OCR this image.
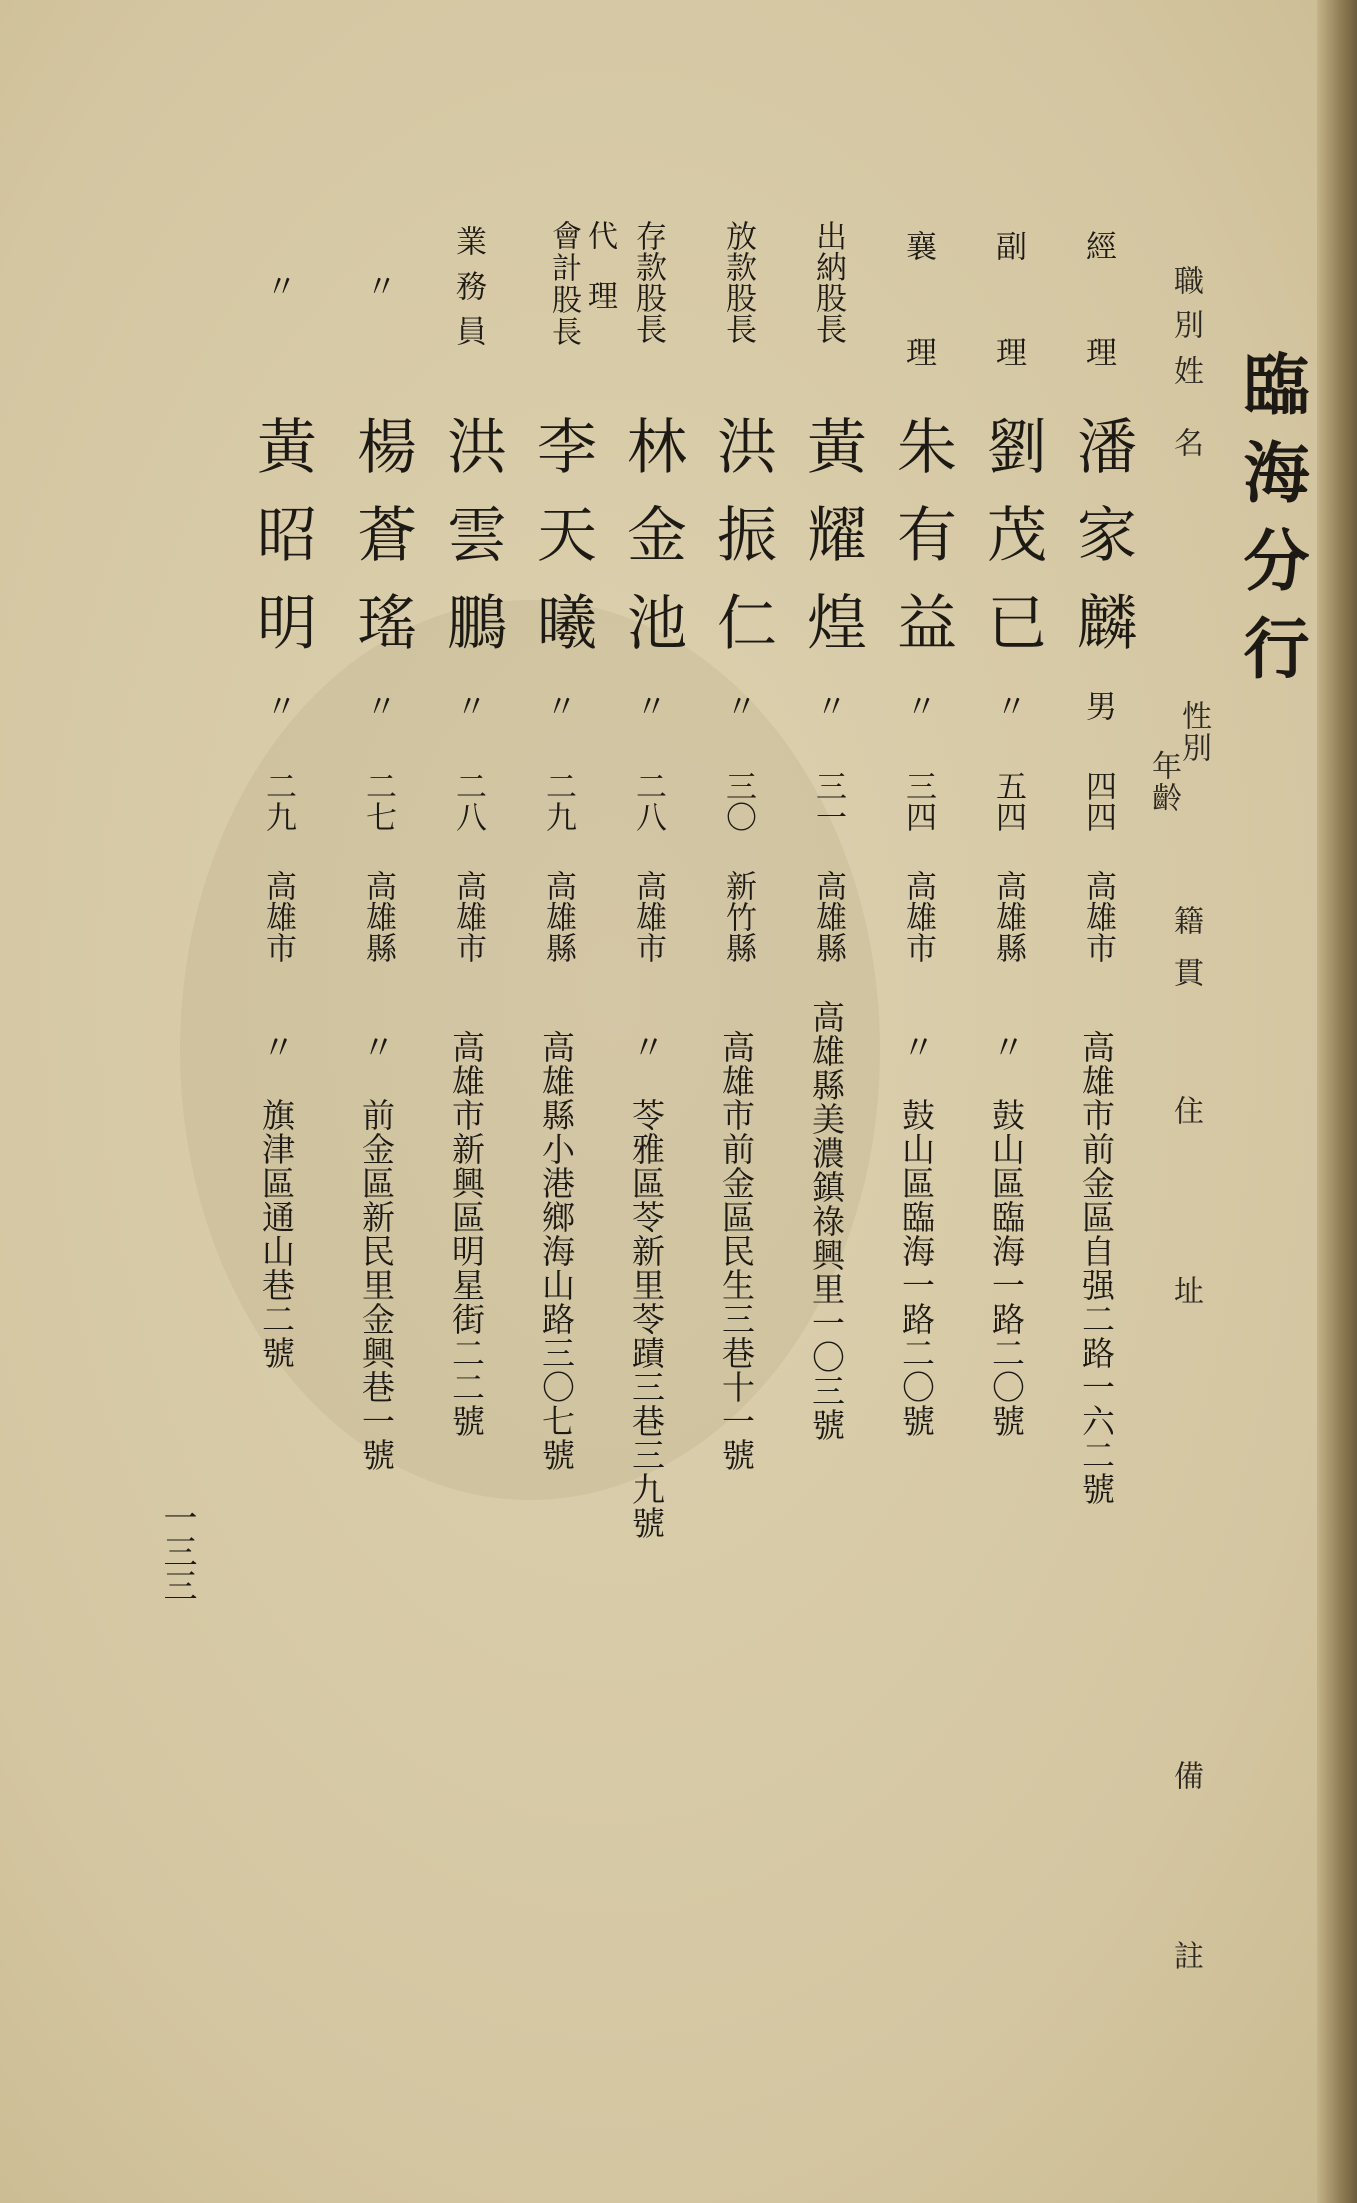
臨海分行
職別
姓　名
性別
年齡
籍貫
住　　　　址
備　　　　註
經　理
潘家麟
男
四四
高雄市
高雄市前金區自强二路一六二號
副　理
劉茂已
〃
五四
高雄縣
〃　鼓山區臨海一路二〇號
襄　理
朱有益
〃
三四
高雄市
〃　鼓山區臨海一路二〇號
出納股長
黃耀煌
〃
三一
高雄縣
高雄縣美濃鎮祿興里一〇三號
放款股長
洪振仁
〃
三〇
新竹縣
高雄市前金區民生三巷十一號
存款股長
林金池
〃
二八
高雄市
〃　苓雅區苓新里苓蹟三巷三九號
會計股長 代理
李天曦
〃
二九
高雄縣
高雄縣小港鄉海山路三〇七號
業務員
洪雲鵬
〃
二八
高雄市
高雄市新興區明星街二二號
〃
楊蒼瑤
〃
二七
高雄縣
〃　前金區新民里金興巷一號
〃
黃昭明
〃
二九
高雄市
〃　旗津區通山巷二號
一三三
